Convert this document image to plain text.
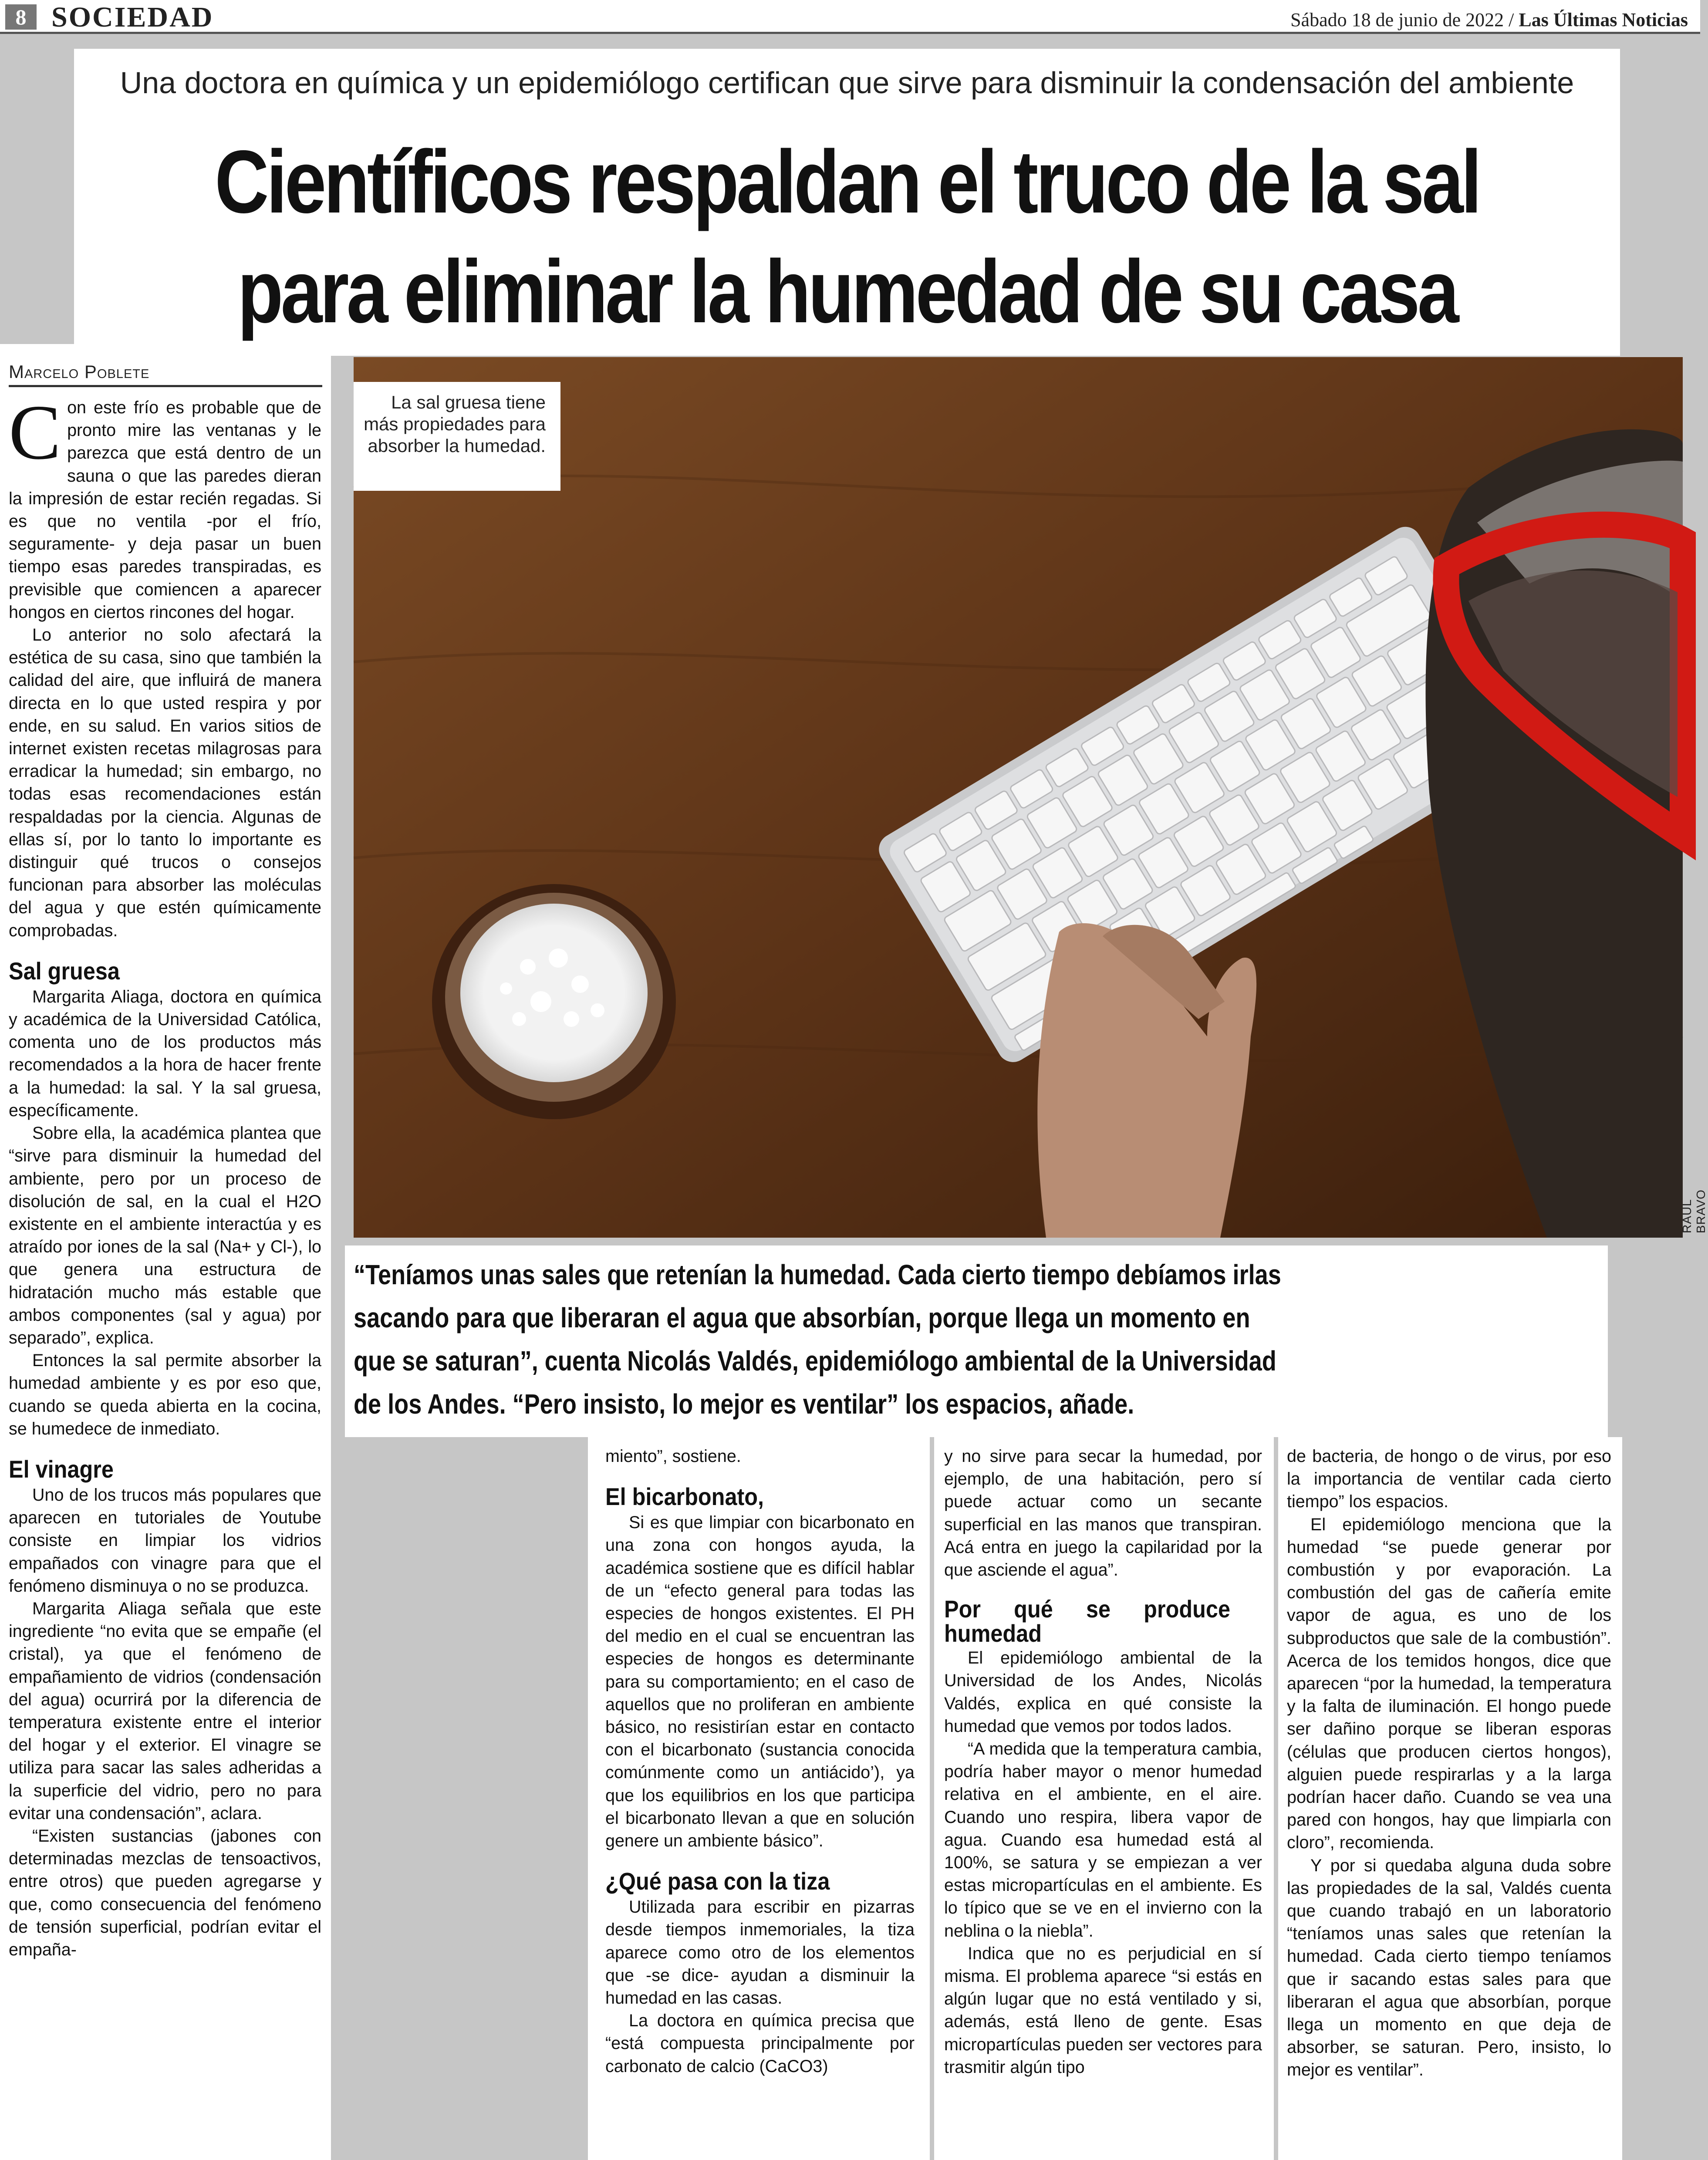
8 SOCIEDAD	Sábado 18 de junio de 2022 / Las Últimas Noticias
Una doctora en química y un epidemiólogo certifican que sirve para disminuir la condensación del ambiente
Científicos respaldan el truco de la sal
para eliminar la humedad de su casa
Marcelo Poblete

Con este frío es probable que de pronto mire las ventanas y le parezca que está dentro de un sauna o que las paredes dieran la impresión de estar recién regadas. Si es que no ventila -por el frío, seguramente- y deja pasar un buen tiempo esas paredes transpiradas, es previsible que comiencen a aparecer hongos en ciertos rincones del hogar.

Lo anterior no solo afectará la estética de su casa, sino que también la calidad del aire, que influirá de manera directa en lo que usted respira y por ende, en su salud. En varios sitios de internet existen recetas milagrosas para erradicar la humedad; sin embargo, no todas esas recomendaciones están respaldadas por la ciencia. Algunas de ellas sí, por lo tanto lo importante es distinguir qué trucos o consejos funcionan para absorber las moléculas del agua y que estén químicamente comprobadas.

Sal gruesa

Margarita Aliaga, doctora en química y académica de la Universidad Católica, comenta uno de los productos más recomendados a la hora de hacer frente a la humedad: la sal. Y la sal gruesa, específicamente.

Sobre ella, la académica plantea que “sirve para disminuir la humedad del ambiente, pero por un proceso de disolución de sal, en la cual el H2O existente en el ambiente interactúa y es atraído por iones de la sal (Na+ y Cl-), lo que genera una estructura de hidratación mucho más estable que ambos componentes (sal y agua) por separado”, explica.

Entonces la sal permite absorber la humedad ambiente y es por eso que, cuando se queda abierta en la cocina, se humedece de inmediato.

El vinagre

Uno de los trucos más populares que aparecen en tutoriales de Youtube consiste en limpiar los vidrios empañados con vinagre para que el fenómeno disminuya o no se produzca.

Margarita Aliaga señala que este ingrediente “no evita que se empañe (el cristal), ya que el fenómeno de empañamiento de vidrios (condensación del agua) ocurrirá por la diferencia de temperatura existente entre el interior del hogar y el exterior. El vinagre se utiliza para sacar las sales adheridas a la superficie del vidrio, pero no para evitar una condensación”, aclara.

“Existen sustancias (jabones con determinadas mezclas de tensoactivos, entre otros) que pueden agregarse y que, como consecuencia del fenómeno de tensión superficial, podrían evitar el empaña-

La sal gruesa tiene más propiedades para absorber la humedad.
RAUL BRAVO
“Teníamos unas sales que retenían la humedad. Cada cierto tiempo debíamos irlas
sacando para que liberaran el agua que absorbían, porque llega un momento en
que se saturan”, cuenta Nicolás Valdés, epidemiólogo ambiental de la Universidad
de los Andes. “Pero insisto, lo mejor es ventilar” los espacios, añade.

miento”, sostiene.

El bicarbonato,

Si es que limpiar con bicarbonato en una zona con hongos ayuda, la académica sostiene que es difícil hablar de un “efecto general para todas las especies de hongos existentes. El PH del medio en el cual se encuentran las especies de hongos es determinante para su comportamiento; en el caso de aquellos que no proliferan en ambiente básico, no resistirían estar en contacto con el bicarbonato (sustancia conocida comúnmente como un antiácido’), ya que los equilibrios en los que participa el bicarbonato llevan a que en solución genere un ambiente básico”.

¿Qué pasa con la tiza

Utilizada para escribir en pizarras desde tiempos inmemoriales, la tiza aparece como otro de los elementos que -se dice- ayudan a disminuir la humedad en las casas.

La doctora en química precisa que “está compuesta principalmente por carbonato de calcio (CaCO3)

y no sirve para secar la humedad, por ejemplo, de una habitación, pero sí puede actuar como un secante superficial en las manos que transpiran. Acá entra en juego la capilaridad por la que asciende el agua”.

Por qué se produce humedad

El epidemiólogo ambiental de la Universidad de los Andes, Nicolás Valdés, explica en qué consiste la humedad que vemos por todos lados.

“A medida que la temperatura cambia, podría haber mayor o menor humedad relativa en el ambiente, en el aire. Cuando uno respira, libera vapor de agua. Cuando esa humedad está al 100%, se satura y se empiezan a ver estas micropartículas en el ambiente. Es lo típico que se ve en el invierno con la neblina o la niebla”.

Indica que no es perjudicial en sí misma. El problema aparece “si estás en algún lugar que no está ventilado y si, además, está lleno de gente. Esas micropartículas pueden ser vectores para trasmitir algún tipo

de bacteria, de hongo o de virus, por eso la importancia de ventilar cada cierto tiempo” los espacios.

El epidemiólogo menciona que la humedad “se puede generar por combustión y por evaporación. La combustión del gas de cañería emite vapor de agua, es uno de los subproductos que sale de la combustión”. Acerca de los temidos hongos, dice que aparecen “por la humedad, la temperatura y la falta de iluminación. El hongo puede ser dañino porque se liberan esporas (células que producen ciertos hongos), alguien puede respirarlas y a la larga podrían hacer daño. Cuando se vea una pared con hongos, hay que limpiarla con cloro”, recomienda.

Y por si quedaba alguna duda sobre las propiedades de la sal, Valdés cuenta que cuando trabajó en un laboratorio “teníamos unas sales que retenían la humedad. Cada cierto tiempo teníamos que ir sacando estas sales para que liberaran el agua que absorbían, porque llega un momento en que deja de absorber, se saturan. Pero, insisto, lo mejor es ventilar”.
